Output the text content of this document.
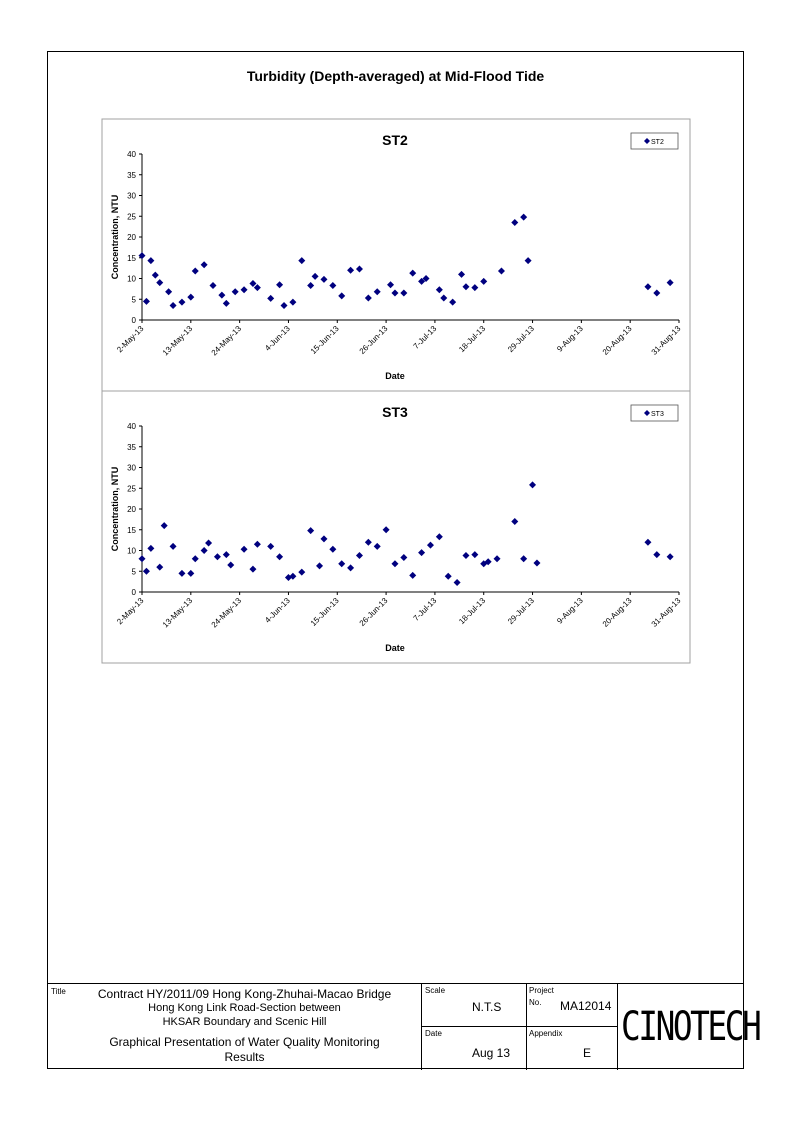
Turbidity (Depth-averaged) at Mid-Flood Tide
ST2
0
5
10
15
20
25
30
35
40
Concentration, NTU
2-May-13 13-May-13 24-May-13	4-Jun-13 15-Jun-13 26-Jun-13	7-Jul-13 18-Jul-13 29-Jul-13 9-Aug-13 20-Aug-13 31-Aug-13
Date
ST2
ST3
0
5
10
15
20
25
30
35
40
Concentration, NTU
2-May-13 13-May-13 24-May-13	4-Jun-13 15-Jun-13 26-Jun-13	7-Jul-13 18-Jul-13 29-Jul-13 9-Aug-13 20-Aug-13 31-Aug-13
Date
ST3
Title	Contract HY/2011/09 Hong Kong-Zhuhai-Macao Bridge
Hong Kong Link Road-Section between
HKSAR Boundary and Scenic Hill
Graphical Presentation of Water Quality Monitoring
Results
Scale
N.T.S
Date
Aug 13
Project
No. MA12014
Appendix
E
CINOTECH
